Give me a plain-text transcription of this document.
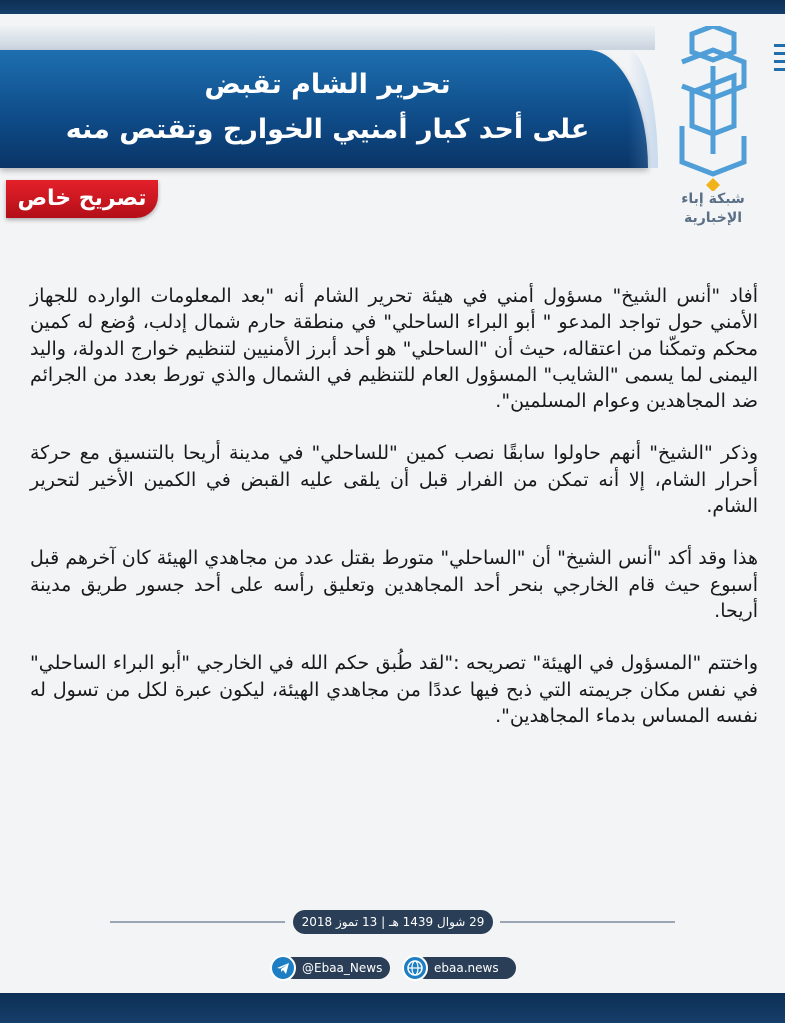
تحرير الشام تقبض
على أحد كبار أمنيي الخوارج وتقتص منه
تصريح خاص	شبكة إباء
الإخبارية

أفاد "أنس الشيخ" مسؤول أمني في هيئة تحرير الشام أنه "بعد المعلومات الوارده للجهاز الأمني حول تواجد المدعو " أبو البراء الساحلي" في منطقة حارم شمال إدلب، وُضع له كمين محكم وتمكّنا من اعتقاله، حيث أن "الساحلي" هو أحد أبرز الأمنيين لتنظيم خوارج الدولة، واليد اليمنى لما يسمى "الشايب" المسؤول العام للتنظيم في الشمال والذي تورط بعدد من الجرائم ضد المجاهدين وعوام المسلمين".

وذكر "الشيخ" أنهم حاولوا سابقًا نصب كمين "للساحلي" في مدينة أريحا بالتنسيق مع حركة أحرار الشام، إلا أنه تمكن من الفرار قبل أن يلقى عليه القبض في الكمين الأخير لتحرير الشام.

هذا وقد أكد "أنس الشيخ" أن "الساحلي" متورط بقتل عدد من مجاهدي الهيئة كان آخرهم قبل أسبوع حيث قام الخارجي بنحر أحد المجاهدين وتعليق رأسه على أحد جسور طريق مدينة أريحا.

واختتم "المسؤول في الهيئة" تصريحه :"لقد طُبق حكم الله في الخارجي "أبو البراء الساحلي" في نفس مكان جريمته التي ذبح فيها عددًا من مجاهدي الهيئة، ليكون عبرة لكل من تسول له نفسه المساس بدماء المجاهدين".

29 شوال 1439 هـ | 13 تموز 2018
@Ebaa_News	ebaa.news
